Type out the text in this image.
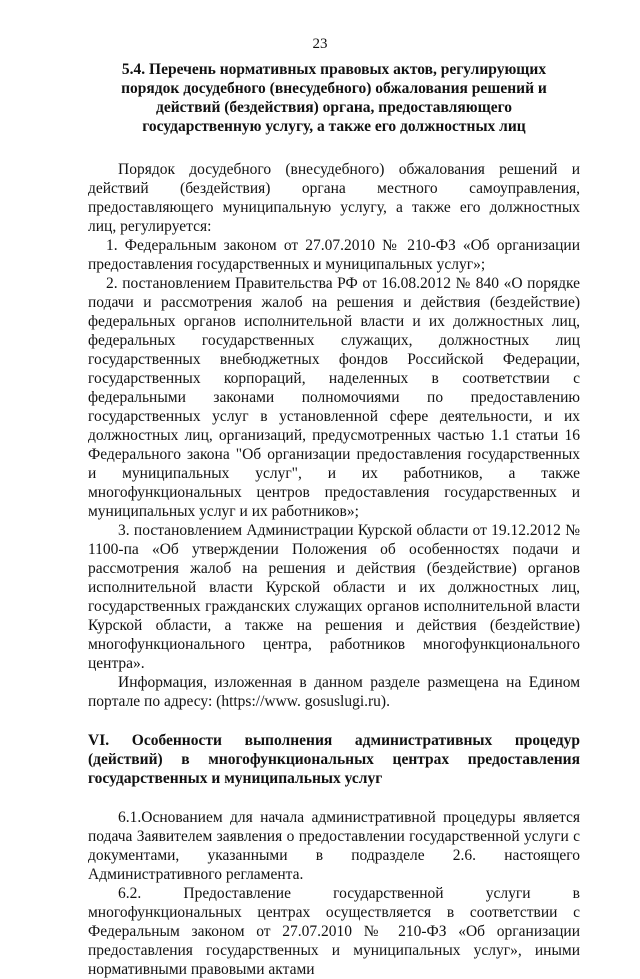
23
5.4. Перечень нормативных правовых актов, регулирующих порядок досудебного (внесудебного) обжалования решений и действий (бездействия) органа, предоставляющего государственную услугу, а также его должностных лиц

Порядок досудебного (внесудебного) обжалования решений и действий (бездействия) органа местного самоуправления, предоставляющего муниципальную услугу, а также его должностных лиц, регулируется:

1. Федеральным законом от 27.07.2010 № 210-ФЗ «Об организации предоставления государственных и муниципальных услуг»;

2. постановлением Правительства РФ от 16.08.2012 № 840 «О порядке подачи и рассмотрения жалоб на решения и действия (бездействие) федеральных органов исполнительной власти и их должностных лиц, федеральных государственных служащих, должностных лиц государственных внебюджетных фондов Российской Федерации, государственных корпораций, наделенных в соответствии с федеральными законами полномочиями по предоставлению государственных услуг в установленной сфере деятельности, и их должностных лиц, организаций, предусмотренных частью 1.1 статьи 16 Федерального закона "Об организации предоставления государственных и муниципальных услуг", и их работников, а также многофункциональных центров предоставления государственных и муниципальных услуг и их работников»;

3. постановлением Администрации Курской области от 19.12.2012 № 1100-па «Об утверждении Положения об особенностях подачи и рассмотрения жалоб на решения и действия (бездействие) органов исполнительной власти Курской области и их должностных лиц, государственных гражданских служащих органов исполнительной власти Курской области, а также на решения и действия (бездействие) многофункционального центра, работников многофункционального центра».

Информация, изложенная в данном разделе размещена на Едином портале по адресу: (https://www. gosuslugi.ru).

VI. Особенности выполнения административных процедур (действий) в многофункциональных центрах предоставления государственных и муниципальных услуг

6.1.Основанием для начала административной процедуры является подача Заявителем заявления о предоставлении государственной услуги с документами, указанными в подразделе 2.6. настоящего Административного регламента.

6.2. Предоставление государственной услуги в многофункциональных центрах осуществляется в соответствии с Федеральным законом от 27.07.2010 № 210-ФЗ «Об организации предоставления государственных и муниципальных услуг», иными нормативными правовыми актами
